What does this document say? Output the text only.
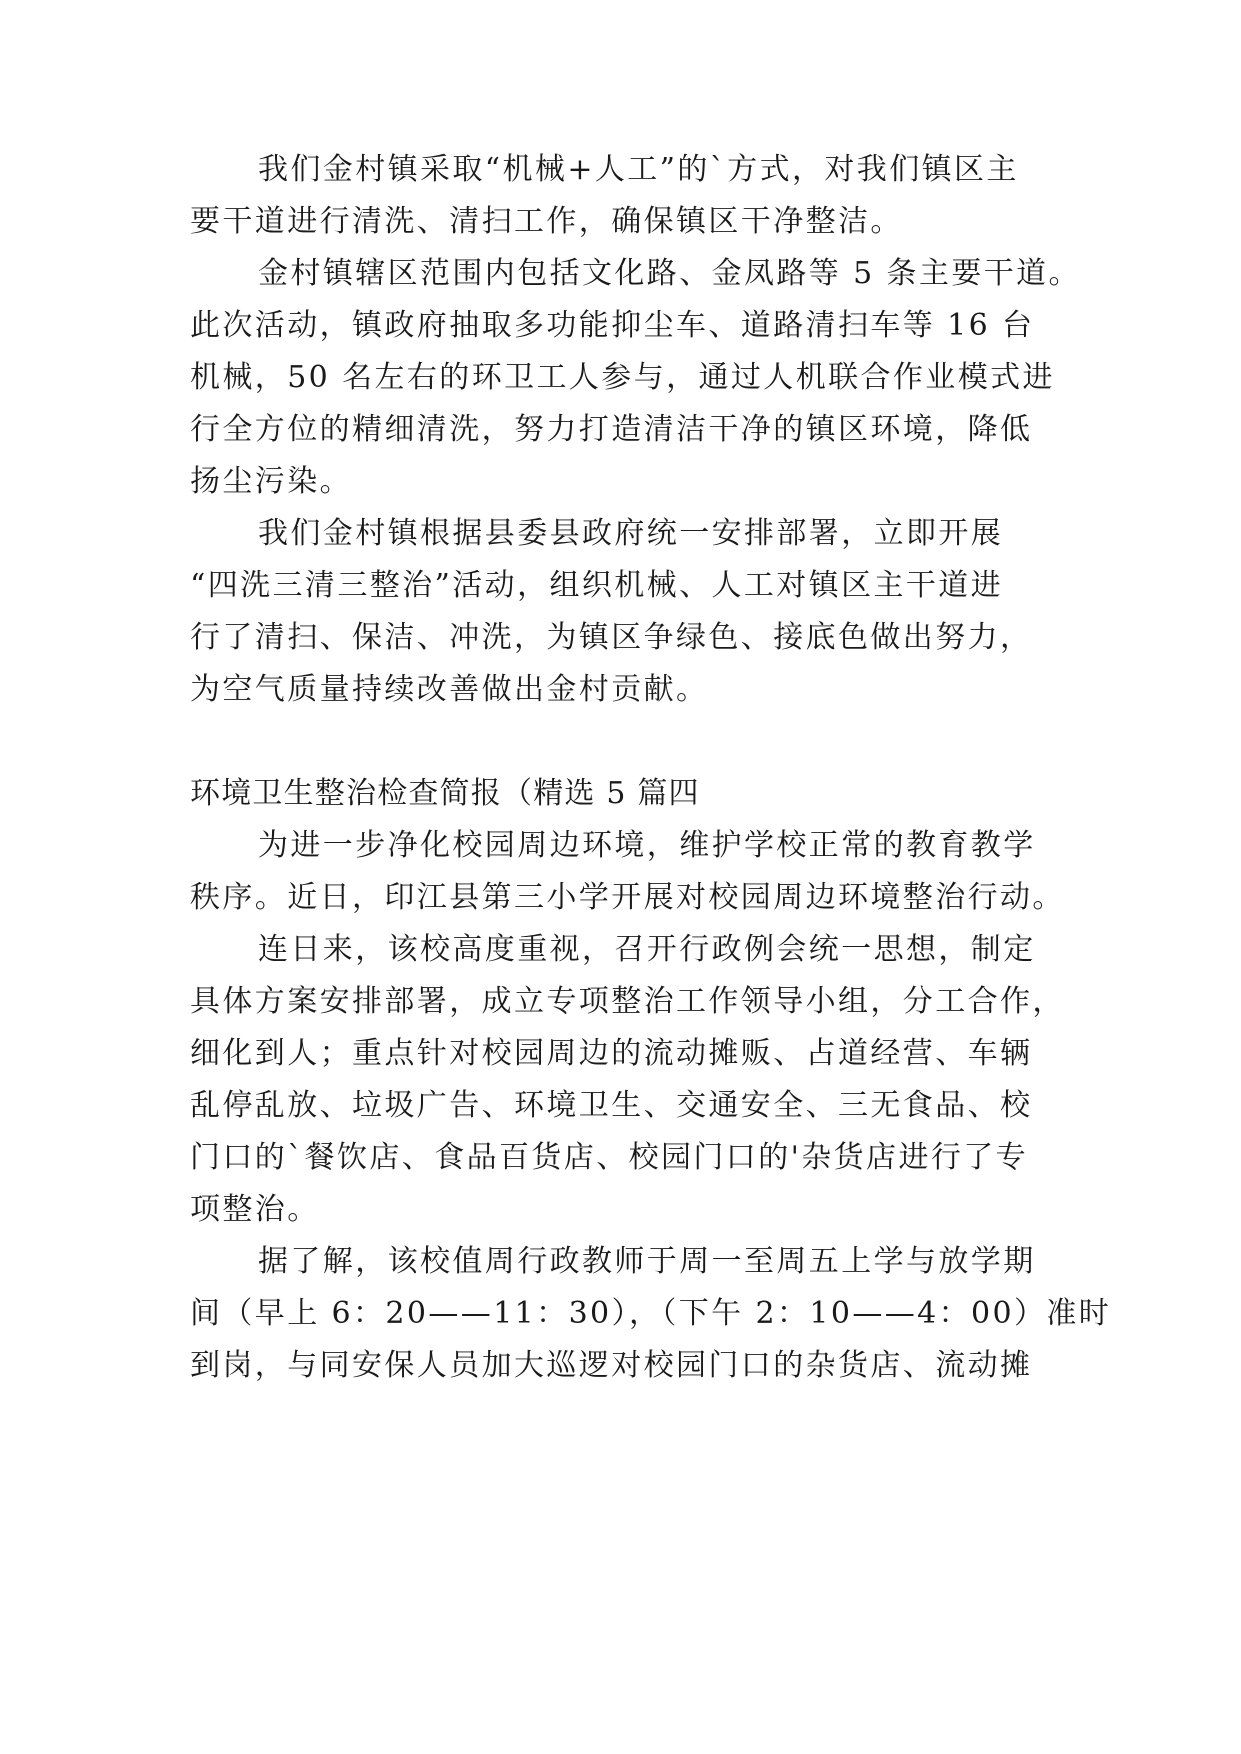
我们金村镇采取“机械+人工”的`方式，对我们镇区主
要干道进行清洗、清扫工作，确保镇区干净整洁。
金村镇辖区范围内包括文化路、金凤路等 5 条主要干道。
此次活动，镇政府抽取多功能抑尘车、道路清扫车等 16 台
机械，50 名左右的环卫工人参与，通过人机联合作业模式进
行全方位的精细清洗，努力打造清洁干净的镇区环境，降低
扬尘污染。
我们金村镇根据县委县政府统一安排部署，立即开展
“四洗三清三整治”活动，组织机械、人工对镇区主干道进
行了清扫、保洁、冲洗，为镇区争绿色、接底色做出努力，
为空气质量持续改善做出金村贡献。
环境卫生整治检查简报（精选 5 篇四
为进一步净化校园周边环境，维护学校正常的教育教学
秩序。近日，印江县第三小学开展对校园周边环境整治行动。
连日来，该校高度重视，召开行政例会统一思想，制定
具体方案安排部署，成立专项整治工作领导小组，分工合作，
细化到人；重点针对校园周边的流动摊贩、占道经营、车辆
乱停乱放、垃圾广告、环境卫生、交通安全、三无食品、校
门口的`餐饮店、食品百货店、校园门口的'杂货店进行了专
项整治。
据了解，该校值周行政教师于周一至周五上学与放学期
间（早上 6：20——11：30），（下午 2：10——4：00）准时
到岗，与同安保人员加大巡逻对校园门口的杂货店、流动摊
